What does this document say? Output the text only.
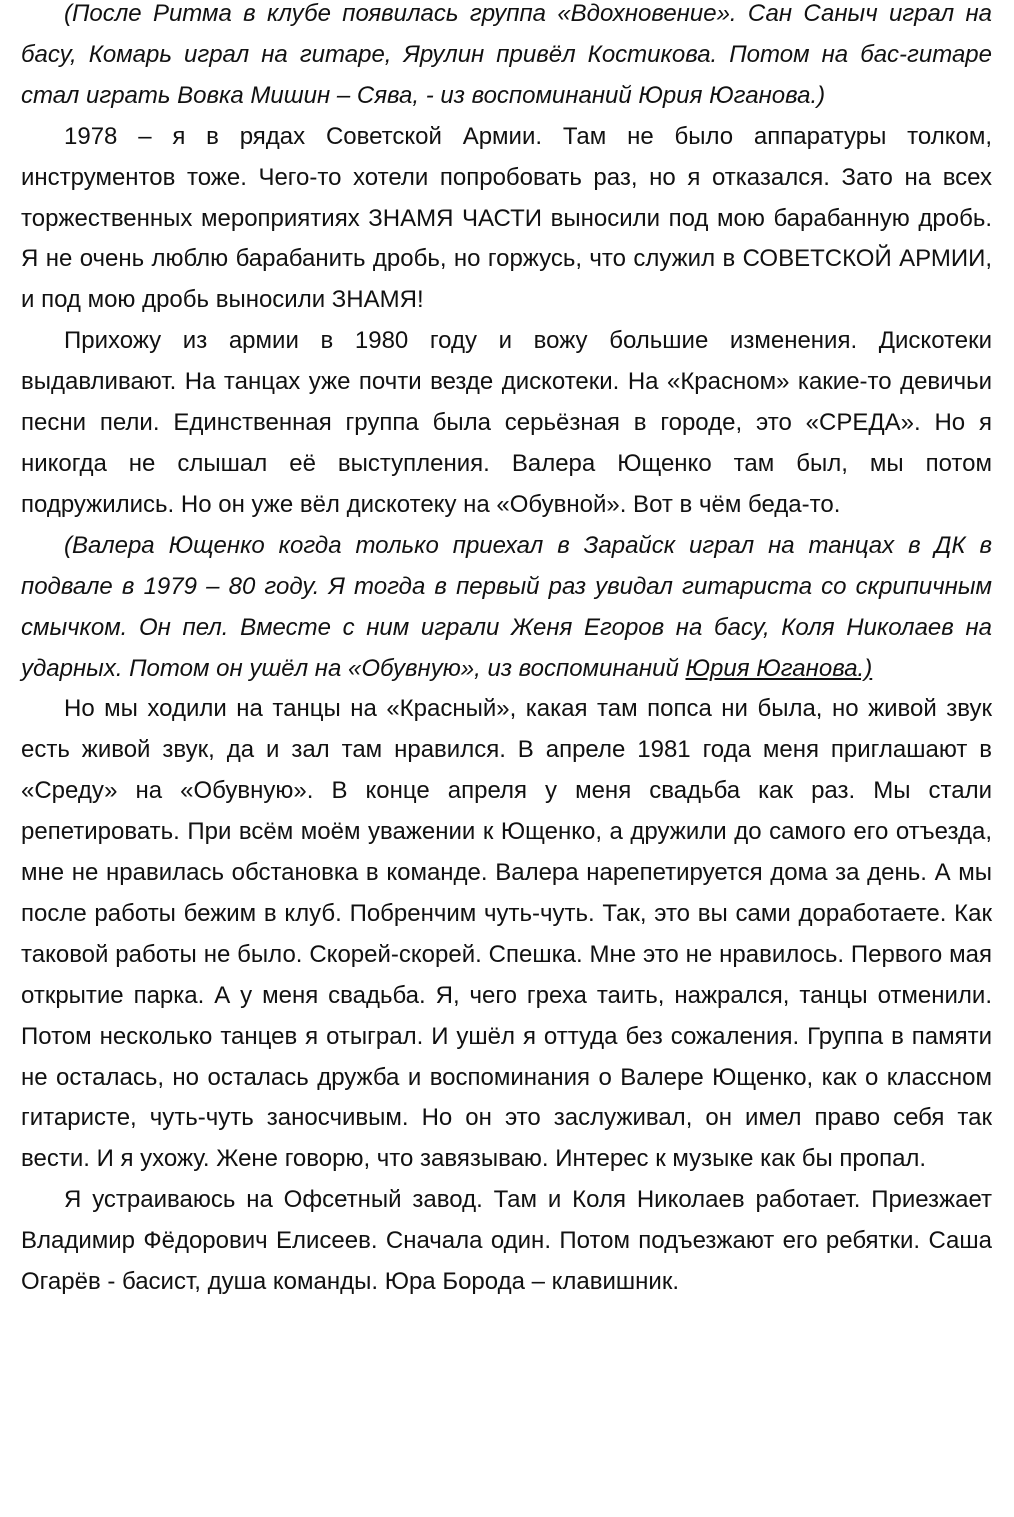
(После Ритма в клубе появилась группа «Вдохновение». Сан Саныч играл на басу, Комарь играл на гитаре, Ярулин привёл Костикова. Потом на бас-гитаре стал играть Вовка Мишин – Сява, - из воспоминаний Юрия Юганова.)

1978 – я в рядах Советской Армии. Там не было аппаратуры толком, инструментов тоже. Чего-то хотели попробовать раз, но я отказался. Зато на всех торжественных мероприятиях ЗНАМЯ ЧАСТИ выносили под мою барабанную дробь. Я не очень люблю барабанить дробь, но горжусь, что служил в СОВЕТСКОЙ АРМИИ, и под мою дробь выносили ЗНАМЯ!

Прихожу из армии в 1980 году и вожу большие изменения. Дискотеки выдавливают. На танцах уже почти везде дискотеки. На «Красном» какие-то девичьи песни пели. Единственная группа была серьёзная в городе, это «СРЕДА». Но я никогда не слышал её выступления. Валера Ющенко там был, мы потом подружились. Но он уже вёл дискотеку на «Обувной». Вот в чём беда-то.

(Валера Ющенко когда только приехал в Зарайск играл на танцах в ДК в подвале в 1979 – 80 году. Я тогда в первый раз увидал гитариста со скрипичным смычком. Он пел. Вместе с ним играли Женя Егоров на басу, Коля Николаев на ударных. Потом он ушёл на «Обувную», из воспоминаний Юрия Юганова.)

Но мы ходили на танцы на «Красный», какая там попса ни была, но живой звук есть живой звук, да и зал там нравился. В апреле 1981 года меня приглашают в «Среду» на «Обувную». В конце апреля у меня свадьба как раз. Мы стали репетировать. При всём моём уважении к Ющенко, а дружили до самого его отъезда, мне не нравилась обстановка в команде. Валера нарепетируется дома за день. А мы после работы бежим в клуб. Побренчим чуть-чуть. Так, это вы сами доработаете. Как таковой работы не было. Скорей-скорей. Спешка. Мне это не нравилось. Первого мая открытие парка. А у меня свадьба. Я, чего греха таить, нажрался, танцы отменили. Потом несколько танцев я отыграл. И ушёл я оттуда без сожаления. Группа в памяти не осталась, но осталась дружба и воспоминания о Валере Ющенко, как о классном гитаристе, чуть-чуть заносчивым. Но он это заслуживал, он имел право себя так вести. И я ухожу. Жене говорю, что завязываю. Интерес к музыке как бы пропал.

Я устраиваюсь на Офсетный завод. Там и Коля Николаев работает. Приезжает Владимир Фёдорович Елисеев. Сначала один. Потом подъезжают его ребятки. Саша Огарёв - басист, душа команды. Юра Борода – клавишник.
